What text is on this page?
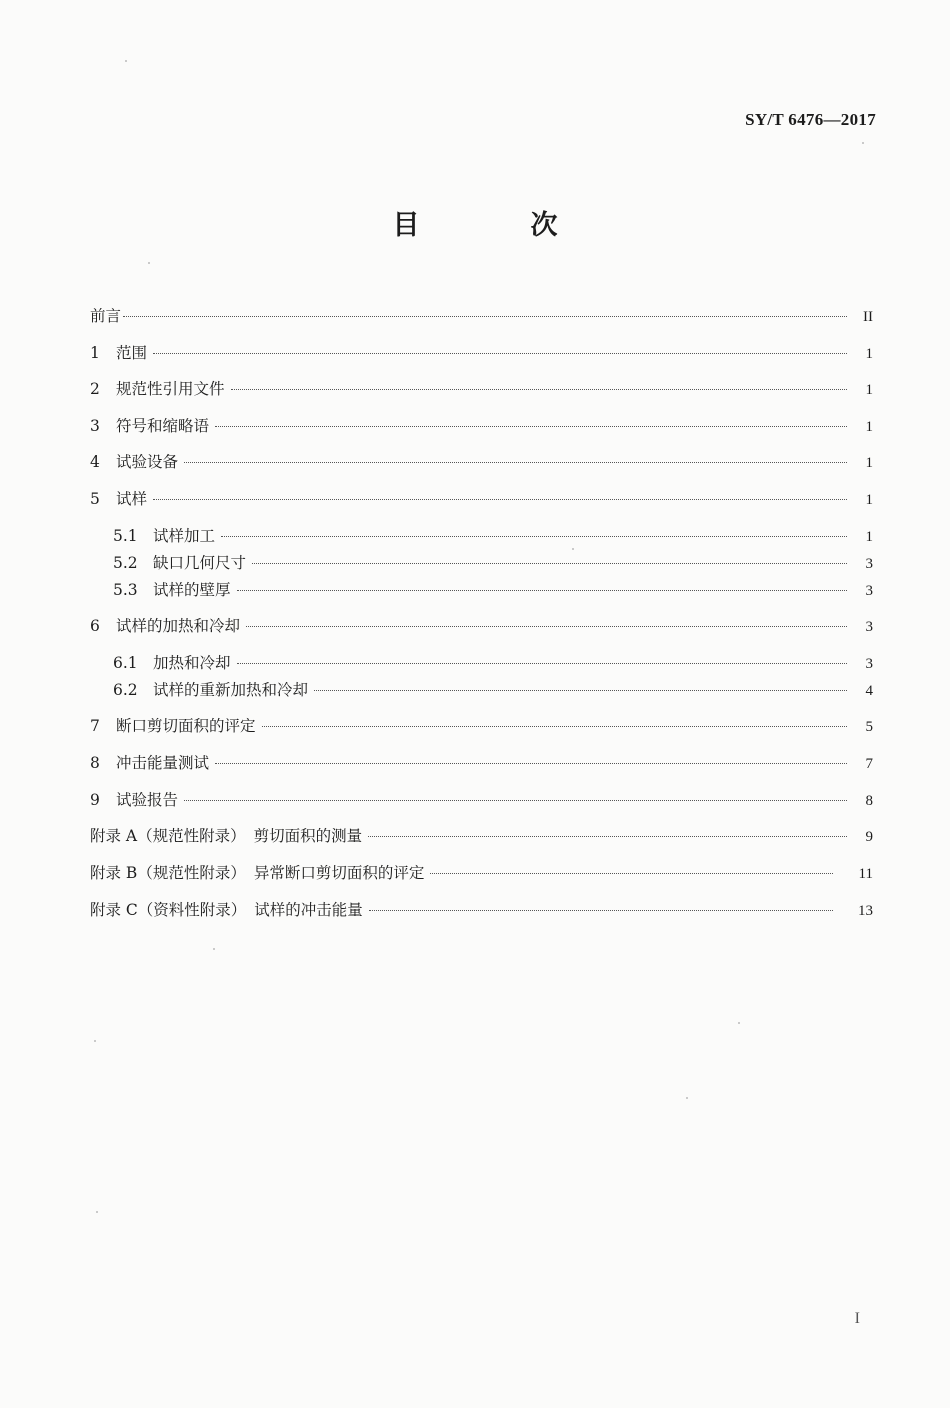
SY/T 6476—2017
目　次
前言	II
1	范围	1
2	规范性引用文件	1
3	符号和缩略语	1
4	试验设备	1
5	试样	1
5.1 试样加工	1
5.2 缺口几何尺寸	3
5.3 试样的壁厚	3
6	试样的加热和冷却	3
6.1 加热和冷却	3
6.2 试样的重新加热和冷却	4
7	断口剪切面积的评定	5
8	冲击能量测试	7
9	试验报告	8
附录 A（规范性附录） 剪切面积的测量	9
附录 B（规范性附录） 异常断口剪切面积的评定	11
附录 C（资料性附录） 试样的冲击能量	13
I
